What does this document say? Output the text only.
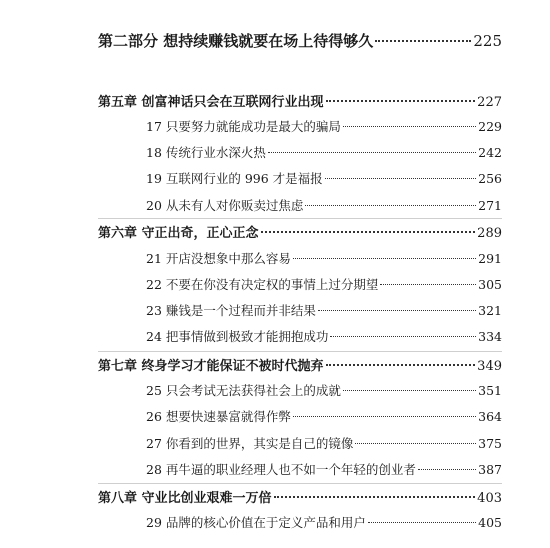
第二部分 想持续赚钱就要在场上待得够久	225
第五章 创富神话只会在互联网行业出现	227
17 只要努力就能成功是最大的骗局	229
18 传统行业水深火热	242
19 互联网行业的 996 才是福报	256
20 从未有人对你贩卖过焦虑	271
第六章 守正出奇，正心正念	289
21 开店没想象中那么容易	291
22 不要在你没有决定权的事情上过分期望	305
23 赚钱是一个过程而并非结果	321
24 把事情做到极致才能拥抱成功	334
第七章 终身学习才能保证不被时代抛弃	349
25 只会考试无法获得社会上的成就	351
26 想要快速暴富就得作弊	364
27 你看到的世界，其实是自己的镜像	375
28 再牛逼的职业经理人也不如一个年轻的创业者	387
第八章 守业比创业艰难一万倍	403
29 品牌的核心价值在于定义产品和用户	405
